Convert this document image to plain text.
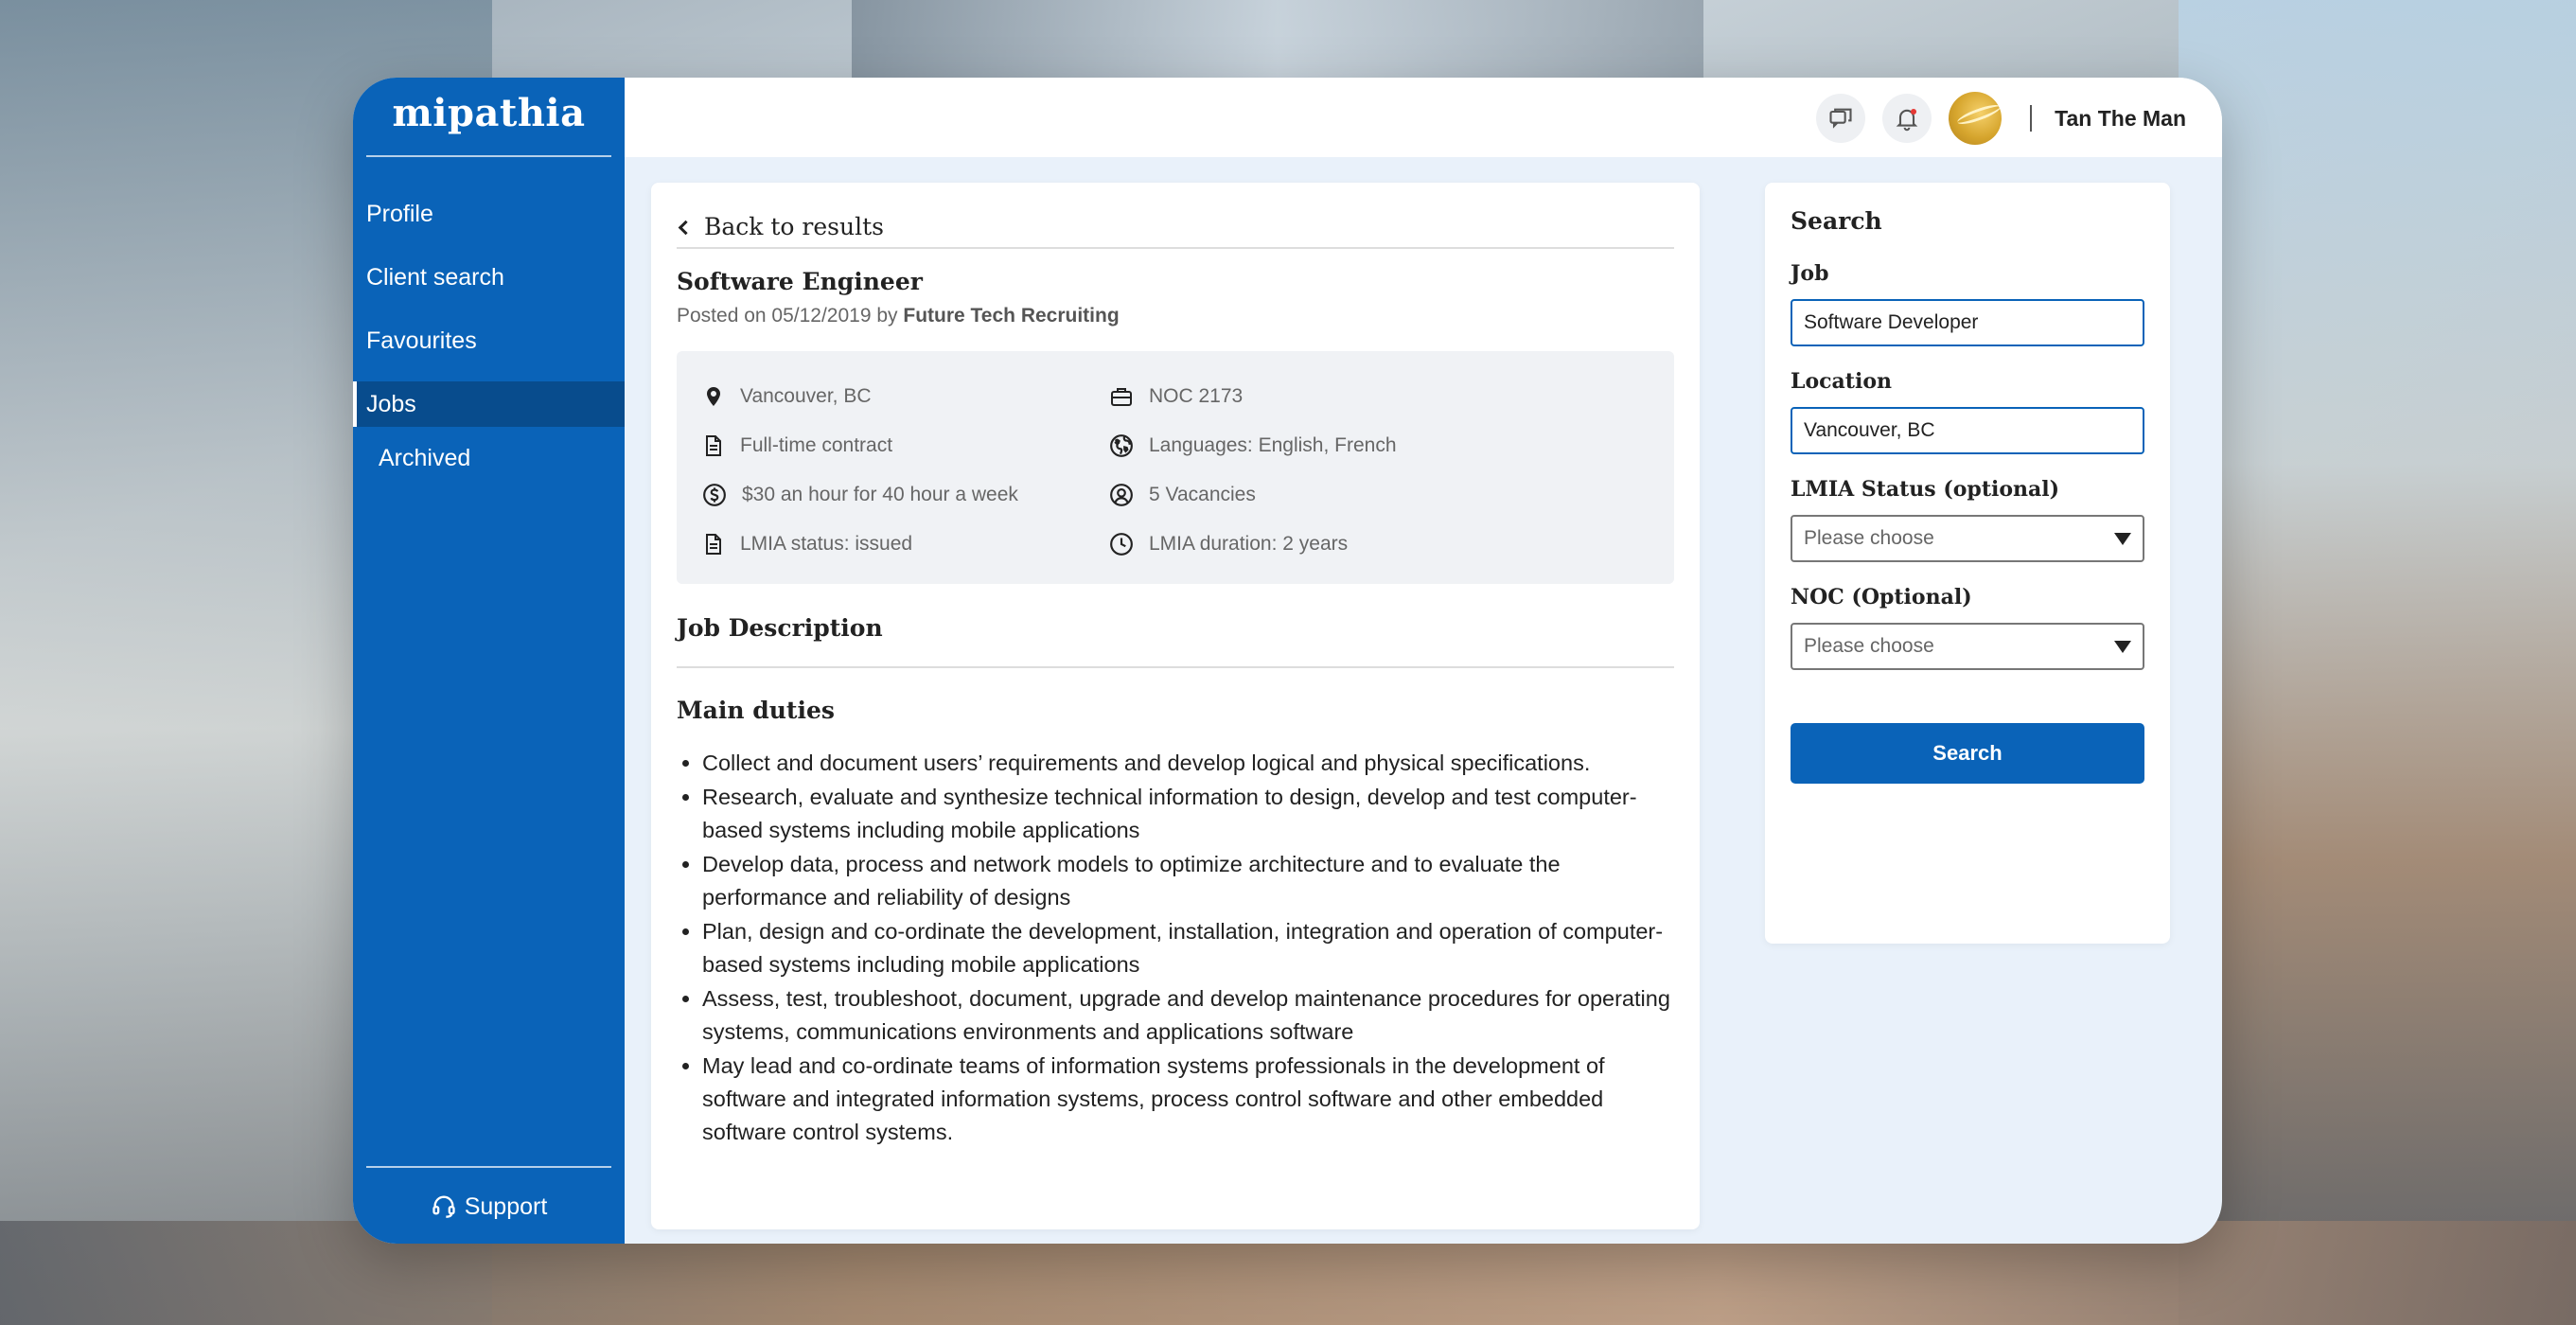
mipathia
Profile
Client search
Favourites
Jobs
Archived
Support
Tan The Man
Back to results
Software Engineer
Posted on 05/12/2019 by Future Tech Recruiting
Vancouver, BC	NOC 2173
Full-time contract	Languages: English, French
$30 an hour for 40 hour a week	5 Vacancies
LMIA status: issued	LMIA duration: 2 years
Job Description
Main duties
• Collect and document users’ requirements and develop logical and physical specifications.
• Research, evaluate and synthesize technical information to design, develop and test computer-based systems including mobile applications
• Develop data, process and network models to optimize architecture and to evaluate the performance and reliability of designs
• Plan, design and co-ordinate the development, installation, integration and operation of computer-based systems including mobile applications
• Assess, test, troubleshoot, document, upgrade and develop maintenance procedures for operating systems, communications environments and applications software
• May lead and co-ordinate teams of information systems professionals in the development of software and integrated information systems, process control software and other embedded software control systems.
Search
Job
Software Developer
Location
Vancouver, BC
LMIA Status (optional)
Please choose
NOC (Optional)
Please choose
Search
